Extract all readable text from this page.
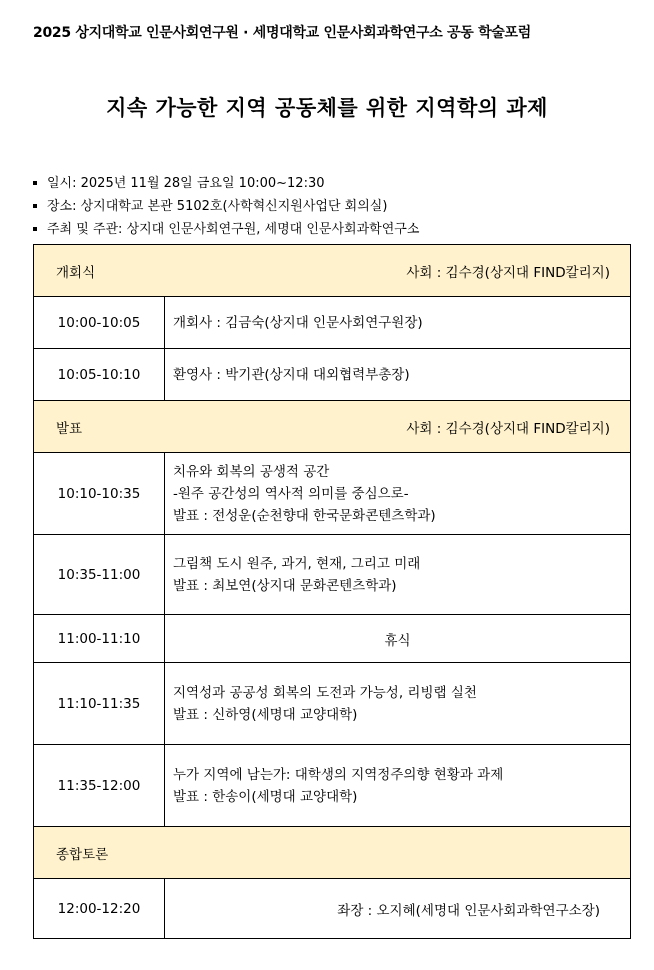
2025 상지대학교 인문사회연구원 · 세명대학교 인문사회과학연구소 공동 학술포럼
지속 가능한 지역 공동체를 위한 지역학의 과제
일시: 2025년 11월 28일 금요일 10:00~12:30
장소: 상지대학교 본관 5102호(사학혁신지원사업단 회의실)
주최 및 주관: 상지대 인문사회연구원, 세명대 인문사회과학연구소
개회식 사회 : 김수경(상지대 FIND칼리지)	

10:00-10:05	개회사 : 김금숙(상지대 인문사회연구원장)

10:05-10:10	환영사 : 박기관(상지대 대외협력부총장)

발표 사회 : 김수경(상지대 FIND칼리지)	

10:10-10:35	치유와 회복의 공생적 공간
-원주 공간성의 역사적 의미를 중심으로-
발표 : 전성운(순천향대 한국문화콘텐츠학과)

10:35-11:00	그림책 도시 원주, 과거, 현재, 그리고 미래
발표 : 최보연(상지대 문화콘텐츠학과)

11:00-11:10	휴식
11:10-11:35	지역성과 공공성 회복의 도전과 가능성, 리빙랩 실천
발표 : 신하영(세명대 교양대학)

11:35-12:00	누가 지역에 남는가: 대학생의 지역정주의향 현황과 과제
발표 : 한송이(세명대 교양대학)

종합토론	

12:00-12:20	좌장 : 오지혜(세명대 인문사회과학연구소장)
